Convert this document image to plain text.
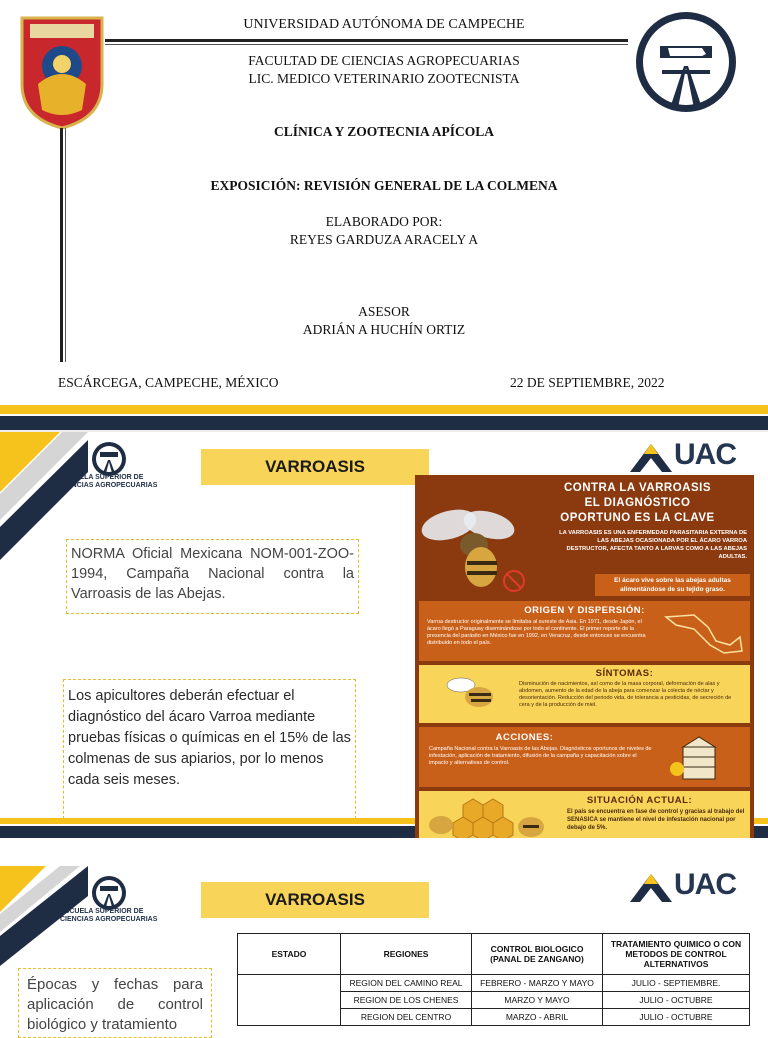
UNIVERSIDAD AUTÓNOMA DE CAMPECHE
FACULTAD DE CIENCIAS AGROPECUARIAS
LIC. MEDICO VETERINARIO ZOOTECNISTA
CLÍNICA Y ZOOTECNIA APÍCOLA
EXPOSICIÓN: REVISIÓN GENERAL DE LA COLMENA
ELABORADO POR:
REYES GARDUZA ARACELY A
ASESOR
ADRIÁN A HUCHÍN ORTIZ
ESCÁRCEGA, CAMPECHE, MÉXICO	22 DE SEPTIEMBRE, 2022
ESCUELA SUPERIOR DE
CIENCIAS AGROPECUARIAS
VARROASIS	UAC
NORMA Oficial Mexicana NOM-001-ZOO-1994, Campaña Nacional contra la Varroasis de las Abejas.
Los apicultores deberán efectuar el diagnóstico del ácaro Varroa mediante pruebas físicas o químicas en el 15% de las colmenas de sus apiarios, por lo menos cada seis meses.
CONTRA LA VARROASIS
EL DIAGNÓSTICO
OPORTUNO ES LA CLAVE
LA VARROASIS ES UNA ENFERMEDAD PARASITARIA EXTERNA DE LAS ABEJAS OCASIONADA POR EL ÁCARO VARROA DESTRUCTOR, AFECTA TANTO A LARVAS COMO A LAS ABEJAS ADULTAS.
El ácaro vive sobre las abejas adultas alimentándose de su tejido graso.
ORIGEN Y DISPERSIÓN:
Varroa destructor originalmente se limitaba al sureste de Asia. En 1971, desde Japón, el ácaro llegó a Paraguay diseminándose por todo el continente. El primer reporte de la presencia del parásito en México fue en 1992, en Veracruz, desde entonces se encuentra distribuido en todo el país.
SÍNTOMAS:
Disminución de nacimientos, así como de la masa corporal, deformación de alas y abdomen, aumento de la edad de la abeja para comenzar la colecta de néctar y desorientación. Reducción del periodo vida, de tolerancia a pesticidas, de secreción de cera y de la producción de miel.
ACCIONES:
Campaña Nacional contra la Varroasis de las Abejas. Diagnósticos oportunos de niveles de infestación, aplicación de tratamiento, difusión de la campaña y capacitación sobre el impacto y alternativas de control.
SITUACIÓN ACTUAL:
El país se encuentra en fase de control y gracias al trabajo del SENASICA se mantiene el nivel de infestación nacional por debajo de 5%.
ESCUELA SUPERIOR DE
CIENCIAS AGROPECUARIAS
VARROASIS	UAC
Épocas y fechas para aplicación de control biológico y tratamiento
ESTADO	REGIONES	CONTROL BIOLOGICO (PANAL DE ZANGANO)	TRATAMIENTO QUIMICO O CON METODOS DE CONTROL ALTERNATIVOS
	REGION DEL CAMINO REAL	FEBRERO - MARZO Y MAYO	JULIO - SEPTIEMBRE.
	REGION DE LOS CHENES	MARZO Y MAYO	JULIO - OCTUBRE
	REGION DEL CENTRO	MARZO - ABRIL	JULIO - OCTUBRE
